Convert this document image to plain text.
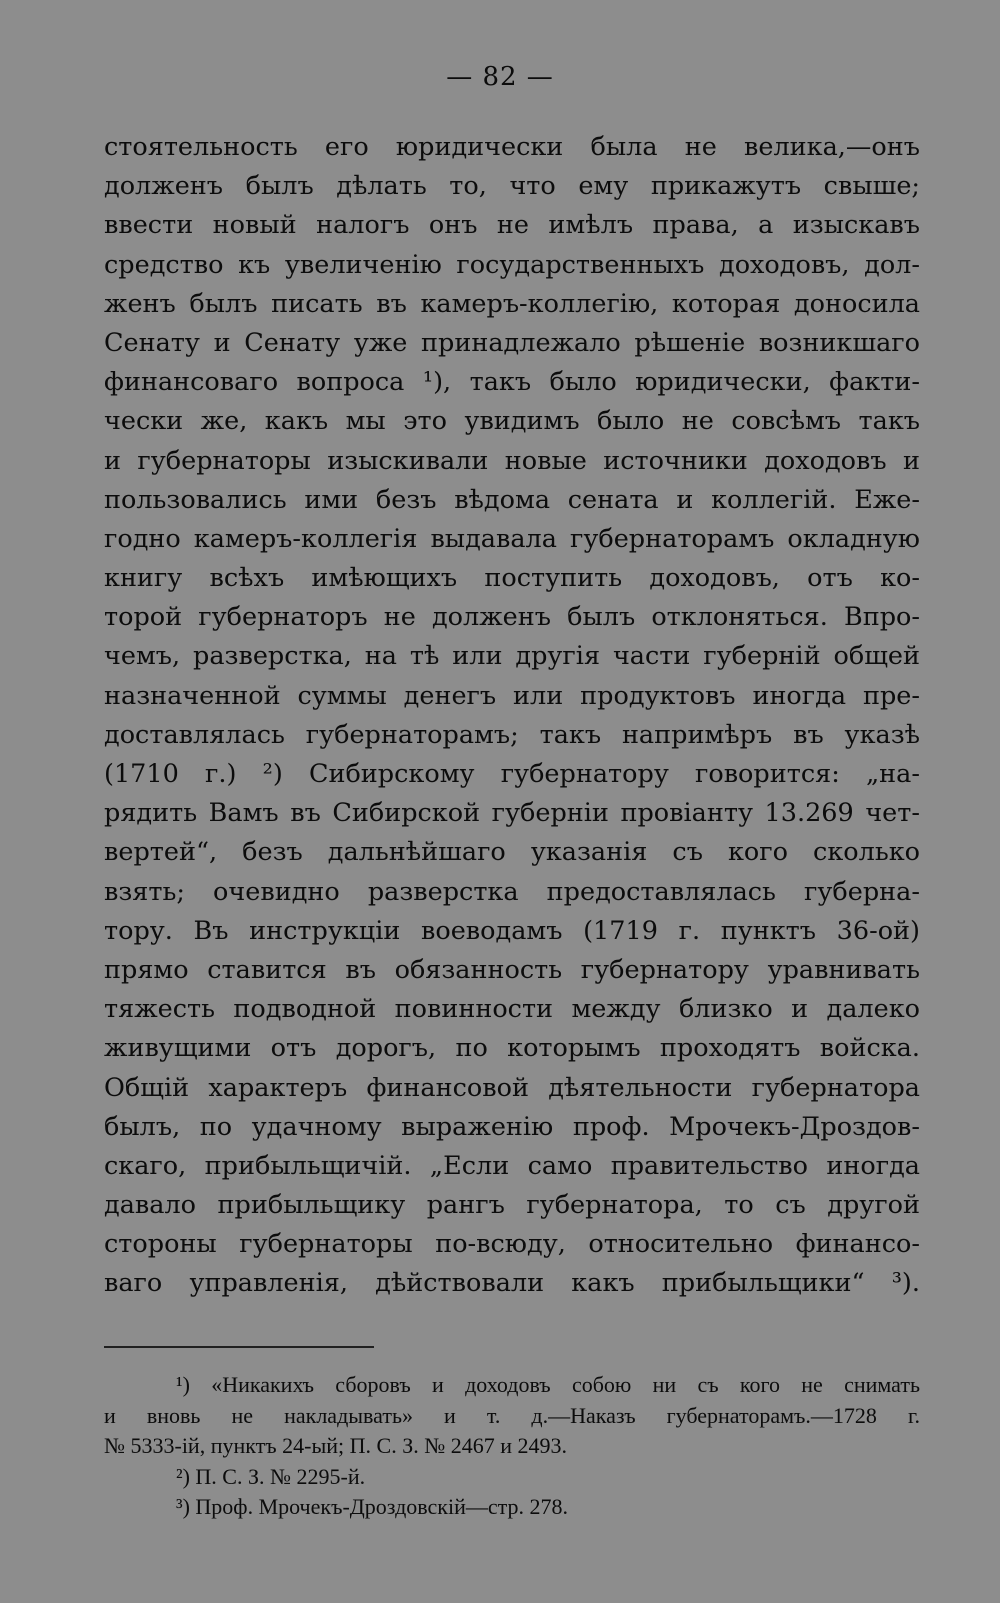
— 82 —
стоятельность его юридически была не велика,—онъ
долженъ былъ дѣлать то, что ему прикажутъ свыше;
ввести новый налогъ онъ не имѣлъ права, а изыскавъ
средство къ увеличенію государственныхъ доходовъ, дол-
женъ былъ писать въ камеръ-коллегію, которая доносила
Сенату и Сенату уже принадлежало рѣшеніе возникшаго
финансоваго вопроса ¹), такъ было юридически, факти-
чески же, какъ мы это увидимъ было не совсѣмъ такъ
и губернаторы изыскивали новые источники доходовъ и
пользовались ими безъ вѣдома сената и коллегій. Еже-
годно камеръ-коллегія выдавала губернаторамъ окладную
книгу всѣхъ имѣющихъ поступить доходовъ, отъ ко-
торой губернаторъ не долженъ былъ отклоняться. Впро-
чемъ, разверстка, на тѣ или другія части губерній общей
назначенной суммы денегъ или продуктовъ иногда пре-
доставлялась губернаторамъ; такъ напримѣръ въ указѣ
(1710 г.) ²) Сибирскому губернатору говорится: „на-
рядить Вамъ въ Сибирской губерніи провіанту 13.269 чет-
вертей“, безъ дальнѣйшаго указанія съ кого сколько
взять; очевидно разверстка предоставлялась губерна-
тору. Въ инструкціи воеводамъ (1719 г. пунктъ 36-ой)
прямо ставится въ обязанность губернатору уравнивать
тяжесть подводной повинности между близко и далеко
живущими отъ дорогъ, по которымъ проходятъ войска.
Общій характеръ финансовой дѣятельности губернатора
былъ, по удачному выраженію проф. Мрочекъ-Дроздов-
скаго, прибыльщичій. „Если само правительство иногда
давало прибыльщику рангъ губернатора, то съ другой
стороны губернаторы по-всюду, относительно финансо-
ваго управленія, дѣйствовали какъ прибыльщики“ ³).
¹) «Никакихъ сборовъ и доходовъ собою ни съ кого не снимать
и вновь не накладывать» и т. д.—Наказъ губернаторамъ.—1728 г.
№ 5333-ій, пунктъ 24-ый; П. С. З. № 2467 и 2493.
²) П. С. З. № 2295-й.
³) Проф. Мрочекъ-Дроздовскій—стр. 278.
